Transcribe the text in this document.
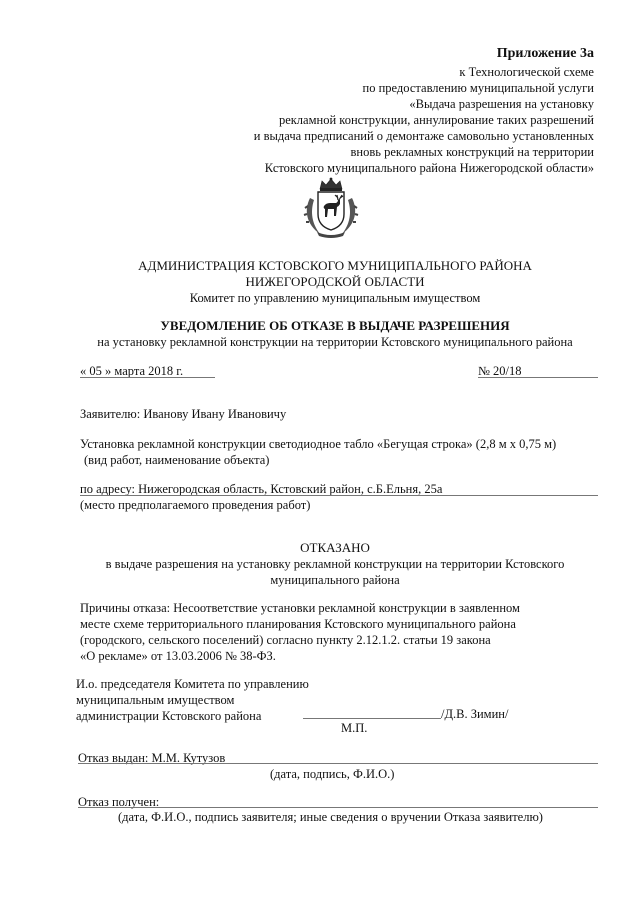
Приложение 3а
к Технологической схеме
по предоставлению муниципальной услуги
«Выдача разрешения на установку
рекламной конструкции, аннулирование таких разрешений
и выдача предписаний о демонтаже самовольно установленных
вновь рекламных конструкций на территории
Кстовского муниципального района Нижегородской области»
АДМИНИСТРАЦИЯ КСТОВСКОГО МУНИЦИПАЛЬНОГО РАЙОНА
НИЖЕГОРОДСКОЙ ОБЛАСТИ
Комитет по управлению муниципальным имуществом
УВЕДОМЛЕНИЕ ОБ ОТКАЗЕ В ВЫДАЧЕ РАЗРЕШЕНИЯ
на установку рекламной конструкции на территории Кстовского муниципального района
« 05 » марта 2018 г.	№ 20/18
Заявителю: Иванову Ивану Ивановичу
Установка рекламной конструкции светодиодное табло «Бегущая строка» (2,8 м х 0,75 м)
(вид работ, наименование объекта)
по адресу: Нижегородская область, Кстовский район, с.Б.Ельня, 25а
(место предполагаемого проведения работ)
ОТКАЗАНО
в выдаче разрешения на установку рекламной конструкции на территории Кстовского
муниципального района
Причины отказа: Несоответствие установки рекламной конструкции в заявленном
месте схеме территориального планирования Кстовского муниципального района
(городского, сельского поселений) согласно пункту 2.12.1.2. статьи 19 закона
«О рекламе» от 13.03.2006 № 38-ФЗ.
И.о. председателя Комитета по управлению
муниципальным имуществом
администрации Кстовского района	/Д.В. Зимин/
М.П.
Отказ выдан: М.М. Кутузов
(дата, подпись, Ф.И.О.)
Отказ получен:
(дата, Ф.И.О., подпись заявителя; иные сведения о вручении Отказа заявителю)
